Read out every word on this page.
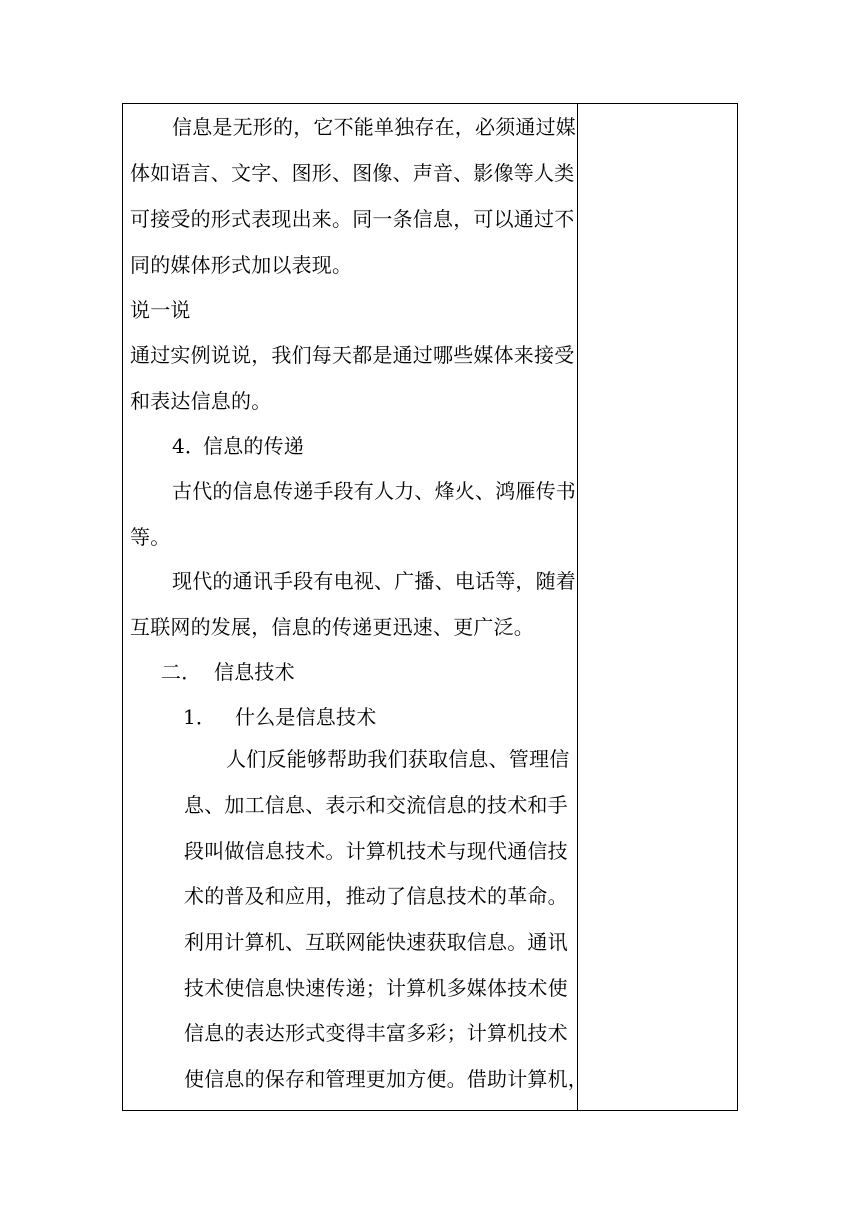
信息是无形的，它不能单独存在，必须通过媒
体如语言、文字、图形、图像、声音、影像等人类
可接受的形式表现出来。同一条信息，可以通过不
同的媒体形式加以表现。
说一说
通过实例说说，我们每天都是通过哪些媒体来接受
和表达信息的。
4．
信息的传递
古代的信息传递手段有人力、烽火、鸿雁传书
等。
现代的通讯手段有电视、广播、电话等，随着
互联网的发展，信息的传递更迅速、更广泛。
二． 信息技术
1． 什么是信息技术
人们反能够帮助我们获取信息、管理信
息、加工信息、表示和交流信息的技术和手
段叫做信息技术。计算机技术与现代通信技
术的普及和应用，推动了信息技术的革命。
利用计算机、互联网能快速获取信息。通讯
技术使信息快速传递；计算机多媒体技术使
信息的表达形式变得丰富多彩；计算机技术
使信息的保存和管理更加方便。借助计算机，
